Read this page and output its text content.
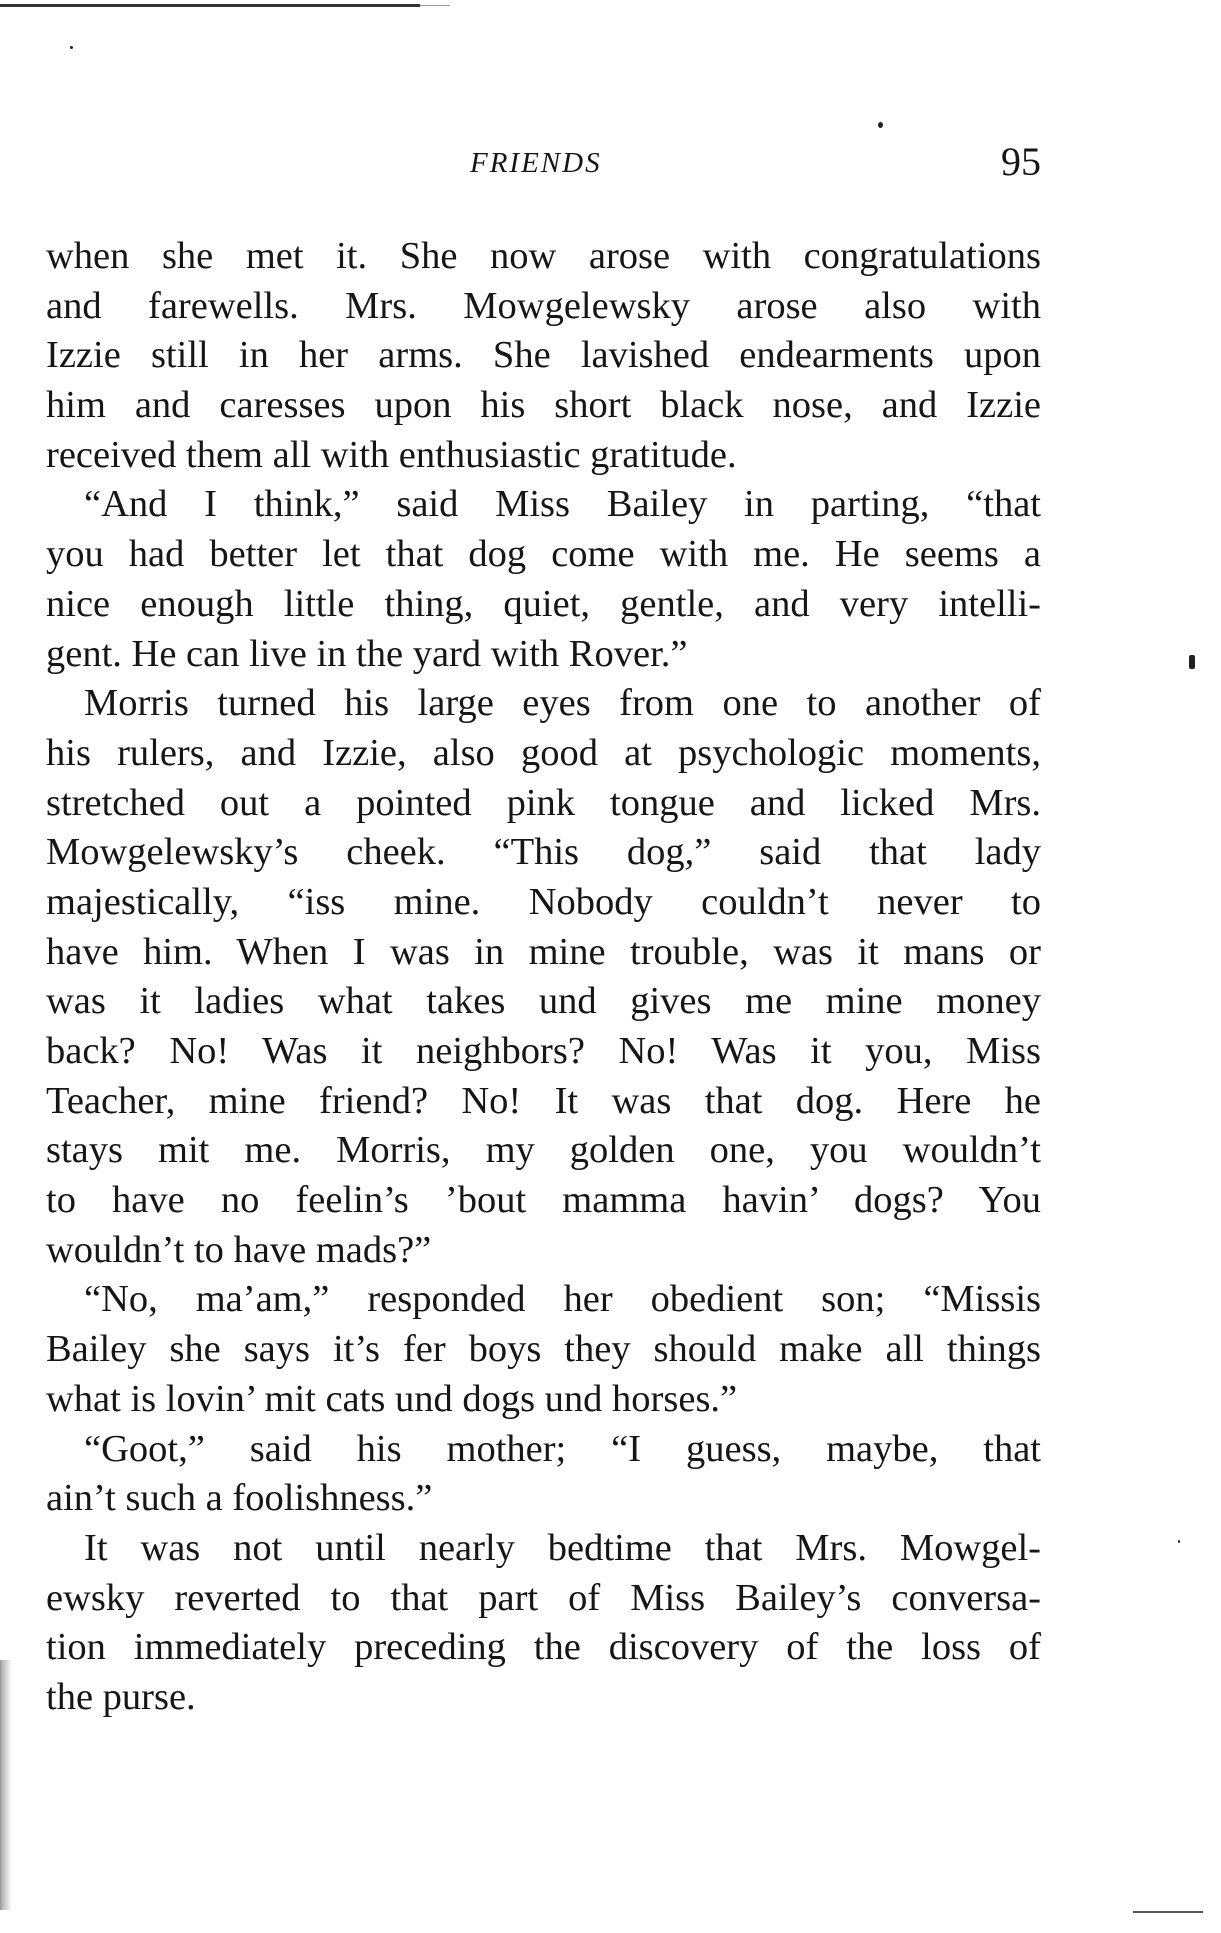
FRIENDS	95
when she met it. She now arose with congratulations
and farewells. Mrs. Mowgelewsky arose also with
Izzie still in her arms. She lavished endearments upon
him and caresses upon his short black nose, and Izzie
received them all with enthusiastic gratitude.
“And I think,” said Miss Bailey in parting, “that
you had better let that dog come with me. He seems a
nice enough little thing, quiet, gentle, and very intelli-
gent. He can live in the yard with Rover.”
Morris turned his large eyes from one to another of
his rulers, and Izzie, also good at psychologic moments,
stretched out a pointed pink tongue and licked Mrs.
Mowgelewsky’s cheek. “This dog,” said that lady
majestically, “iss mine. Nobody couldn’t never to
have him. When I was in mine trouble, was it mans or
was it ladies what takes und gives me mine money
back? No! Was it neighbors? No! Was it you, Miss
Teacher, mine friend? No! It was that dog. Here he
stays mit me. Morris, my golden one, you wouldn’t
to have no feelin’s ’bout mamma havin’ dogs? You
wouldn’t to have mads?”
“No, ma’am,” responded her obedient son; “Missis
Bailey she says it’s fer boys they should make all things
what is lovin’ mit cats und dogs und horses.”
“Goot,” said his mother; “I guess, maybe, that
ain’t such a foolishness.”
It was not until nearly bedtime that Mrs. Mowgel-
ewsky reverted to that part of Miss Bailey’s conversa-
tion immediately preceding the discovery of the loss of
the purse.
